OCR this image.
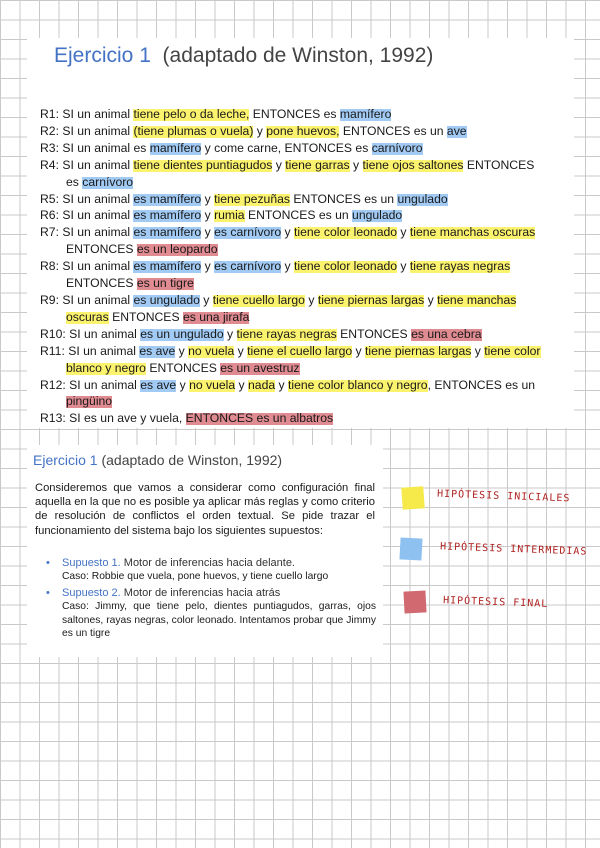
Ejercicio 1 (adaptado de Winston, 1992)
R1: SI un animal tiene pelo o da leche, ENTONCES es mamífero
R2: SI un animal (tiene plumas o vuela) y pone huevos, ENTONCES es un ave
R3: SI un animal es mamífero y come carne, ENTONCES es carnívoro
R4: SI un animal tiene dientes puntiagudos y tiene garras y tiene ojos saltones ENTONCES
es carnívoro
R5: SI un animal es mamífero y tiene pezuñas ENTONCES es un ungulado
R6: SI un animal es mamífero y rumia ENTONCES es un ungulado
R7: SI un animal es mamífero y es carnívoro y tiene color leonado y tiene manchas oscuras
ENTONCES es un leopardo
R8: SI un animal es mamífero y es carnívoro y tiene color leonado y tiene rayas negras
ENTONCES es un tigre
R9: SI un animal es ungulado y tiene cuello largo y tiene piernas largas y tiene manchas
oscuras ENTONCES es una jirafa
R10: SI un animal es un ungulado y tiene rayas negras ENTONCES es una cebra
R11: SI un animal es ave y no vuela y tiene el cuello largo y tiene piernas largas y tiene color
blanco y negro ENTONCES es un avestruz
R12: SI un animal es ave y no vuela y nada y tiene color blanco y negro, ENTONCES es un
pingüino
R13: SI es un ave y vuela, ENTONCES es un albatros
Ejercicio 1 (adaptado de Winston, 1992)
Consideremos que vamos a considerar como configuración final aquella en la que no es posible ya aplicar más reglas y como criterio de resolución de conflictos el orden textual. Se pide trazar el funcionamiento del sistema bajo los siguientes supuestos:
• Supuesto 1. Motor de inferencias hacia delante.
Caso: Robbie que vuela, pone huevos, y tiene cuello largo
• Supuesto 2. Motor de inferencias hacia atrás
Caso: Jimmy, que tiene pelo, dientes puntiagudos, garras, ojos saltones, rayas negras, color leonado. Intentamos probar que Jimmy es un tigre
HIPÓTESIS INICIALES
HIPÓTESIS INTERMEDIAS
HIPÓTESIS FINAL
